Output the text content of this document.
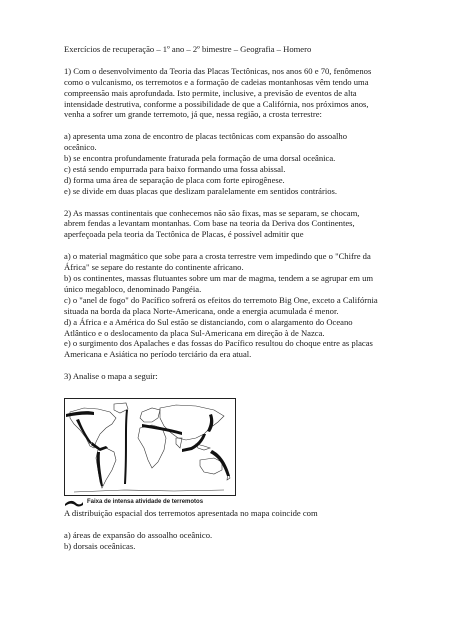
Exercícios de recuperação – 1º ano – 2º bimestre – Geografia – Homero

1) Com o desenvolvimento da Teoria das Placas Tectônicas, nos anos 60 e 70, fenômenos

como o vulcanismo, os terremotos e a formação de cadeias montanhosas vêm tendo uma

compreensão mais aprofundada. Isto permite, inclusive, a previsão de eventos de alta

intensidade destrutiva, conforme a possibilidade de que a Califórnia, nos próximos anos,

venha a sofrer um grande terremoto, já que, nessa região, a crosta terrestre:

a) apresenta uma zona de encontro de placas tectônicas com expansão do assoalho

oceânico.

b) se encontra profundamente fraturada pela formação de uma dorsal oceânica.

c) está sendo empurrada para baixo formando uma fossa abissal.

d) forma uma área de separação de placa com forte epirogênese.

e) se divide em duas placas que deslizam paralelamente em sentidos contrários.

2) As massas continentais que conhecemos não são fixas, mas se separam, se chocam,

abrem fendas a levantam montanhas. Com base na teoria da Deriva dos Continentes,

aperfeçoada pela teoria da Tectônica de Placas, é possível admitir que

a) o material magmático que sobe para a crosta terrestre vem impedindo que o "Chifre da

África" se separe do restante do continente africano.

b) os continentes, massas flutuantes sobre um mar de magma, tendem a se agrupar em um

único megabloco, denominado Pangéia.

c) o "anel de fogo" do Pacífico sofrerá os efeitos do terremoto Big One, exceto a Califórnia

situada na borda da placa Norte-Americana, onde a energia acumulada é menor.

d) a África e a América do Sul estão se distanciando, com o alargamento do Oceano

Atlântico e o deslocamento da placa Sul-Americana em direção à de Nazca.

e) o surgimento dos Apalaches e das fossas do Pacífico resultou do choque entre as placas

Americana e Asiática no período terciário da era atual.

3) Analise o mapa a seguir:

Faixa de intensa atividade de terremotos

A distribuição espacial dos terremotos apresentada no mapa coincide com

a) áreas de expansão do assoalho oceânico.

b) dorsais oceânicas.
